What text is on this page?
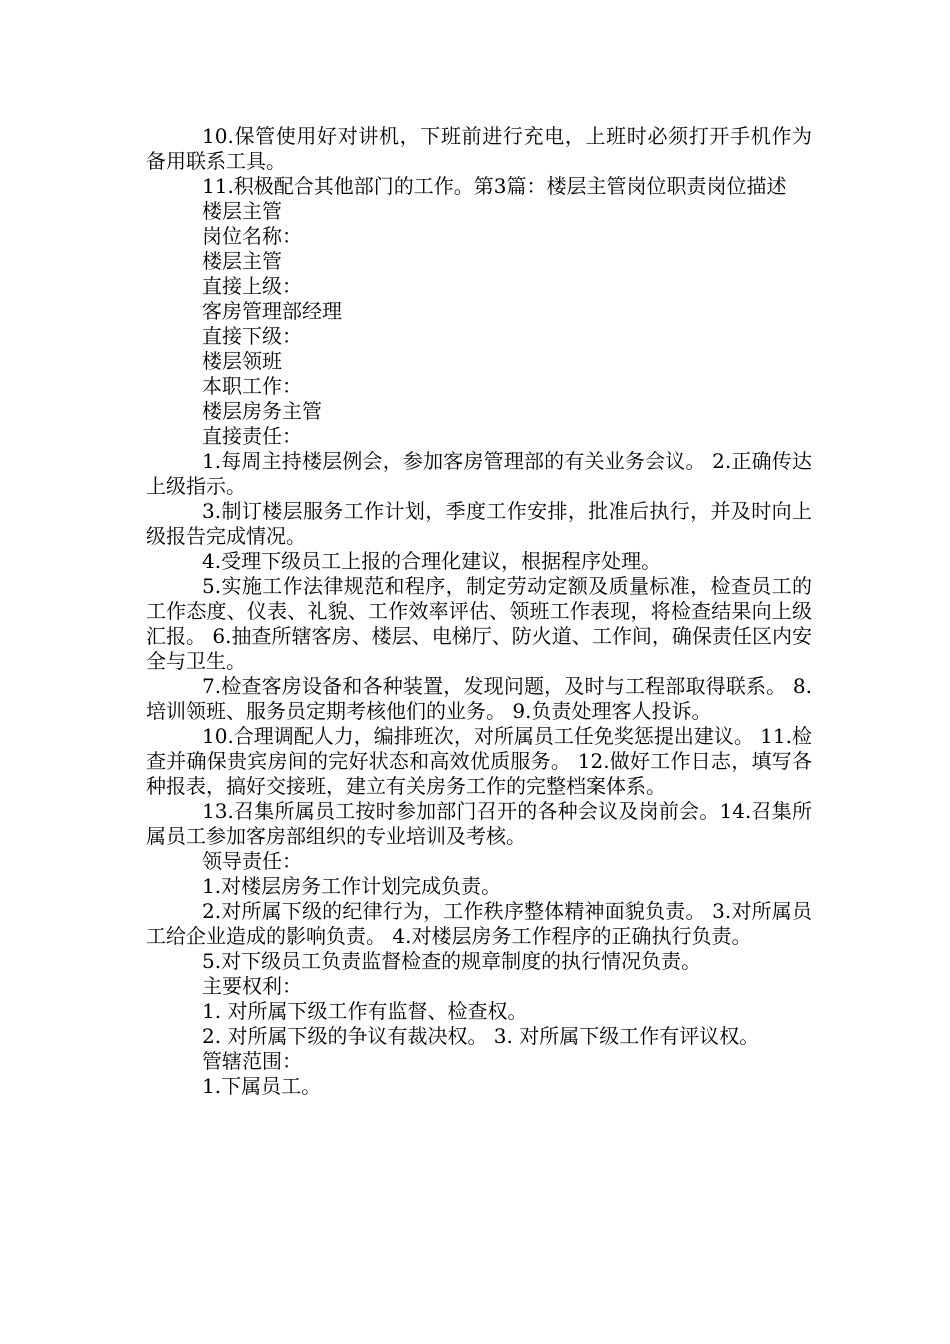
10.保管使用好对讲机，下班前进行充电，上班时必须打开手机作为备用联系工具。

11.积极配合其他部门的工作。第3篇：楼层主管岗位职责岗位描述

楼层主管

岗位名称：

楼层主管

直接上级：

客房管理部经理

直接下级：

楼层领班

本职工作：

楼层房务主管

直接责任：

1.每周主持楼层例会，参加客房管理部的有关业务会议。 2.正确传达上级指示。

3.制订楼层服务工作计划，季度工作安排，批准后执行，并及时向上级报告完成情况。

4.受理下级员工上报的合理化建议，根据程序处理。

5.实施工作法律规范和程序，制定劳动定额及质量标准，检查员工的工作态度、仪表、礼貌、工作效率评估、领班工作表现，将检查结果向上级汇报。 6.抽查所辖客房、楼层、电梯厅、防火道、工作间，确保责任区内安全与卫生。

7.检查客房设备和各种装置，发现问题，及时与工程部取得联系。 8.培训领班、服务员定期考核他们的业务。 9.负责处理客人投诉。

10.合理调配人力，编排班次，对所属员工任免奖惩提出建议。 11.检查并确保贵宾房间的完好状态和高效优质服务。 12.做好工作日志，填写各种报表，搞好交接班，建立有关房务工作的完整档案体系。

13.召集所属员工按时参加部门召开的各种会议及岗前会。14.召集所属员工参加客房部组织的专业培训及考核。

领导责任：

1.对楼层房务工作计划完成负责。

2.对所属下级的纪律行为，工作秩序整体精神面貌负责。 3.对所属员工给企业造成的影响负责。 4.对楼层房务工作程序的正确执行负责。

5.对下级员工负责监督检查的规章制度的执行情况负责。

主要权利：

1. 对所属下级工作有监督、检查权。

2. 对所属下级的争议有裁决权。 3. 对所属下级工作有评议权。

管辖范围：

1.下属员工。
